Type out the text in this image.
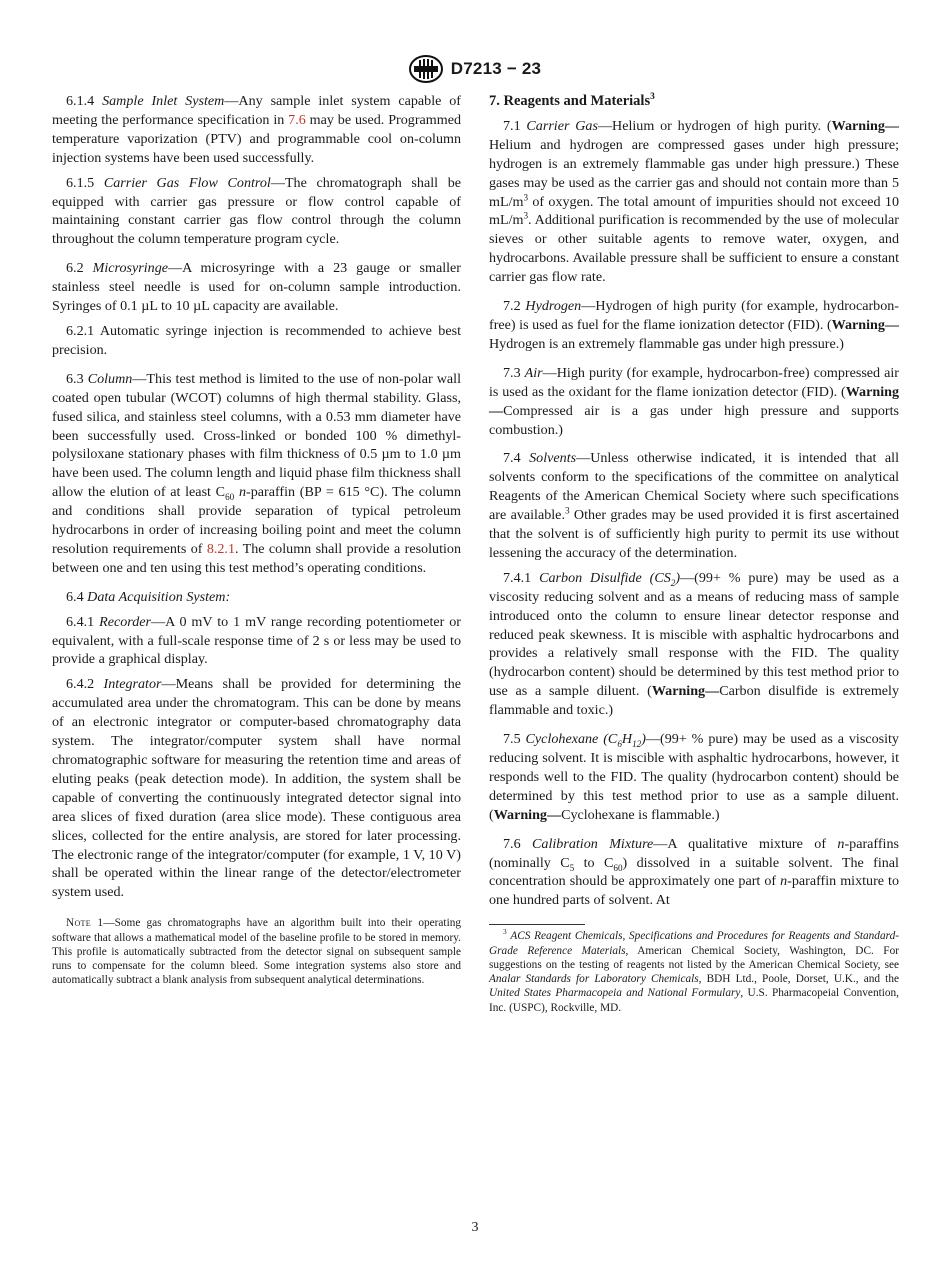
D7213 − 23

6.1.4 Sample Inlet System—Any sample inlet system capable of meeting the performance specification in 7.6 may be used. Programmed temperature vaporization (PTV) and programmable cool on-column injection systems have been used successfully.

6.1.5 Carrier Gas Flow Control—The chromatograph shall be equipped with carrier gas pressure or flow control capable of maintaining constant carrier gas flow control through the column throughout the column temperature program cycle.

6.2 Microsyringe—A microsyringe with a 23 gauge or smaller stainless steel needle is used for on-column sample introduction. Syringes of 0.1 µL to 10 µL capacity are available.

6.2.1 Automatic syringe injection is recommended to achieve best precision.

6.3 Column—This test method is limited to the use of non-polar wall coated open tubular (WCOT) columns of high thermal stability. Glass, fused silica, and stainless steel columns, with a 0.53 mm diameter have been successfully used. Cross-linked or bonded 100 % dimethyl-polysiloxane stationary phases with film thickness of 0.5 µm to 1.0 µm have been used. The column length and liquid phase film thickness shall allow the elution of at least $C_{60}$ n-paraffin (BP = 615 °C). The column and conditions shall provide separation of typical petroleum hydrocarbons in order of increasing boiling point and meet the column resolution requirements of 8.2.1. The column shall provide a resolution between one and ten using this test method’s operating conditions.

6.4 Data Acquisition System:

6.4.1 Recorder—A 0 mV to 1 mV range recording potentiometer or equivalent, with a full-scale response time of 2 s or less may be used to provide a graphical display.

6.4.2 Integrator—Means shall be provided for determining the accumulated area under the chromatogram. This can be done by means of an electronic integrator or computer-based chromatography data system. The integrator/computer system shall have normal chromatographic software for measuring the retention time and areas of eluting peaks (peak detection mode). In addition, the system shall be capable of converting the continuously integrated detector signal into area slices of fixed duration (area slice mode). These contiguous area slices, collected for the entire analysis, are stored for later processing. The electronic range of the integrator/computer (for example, 1 V, 10 V) shall be operated within the linear range of the detector/electrometer system used.

Note 1—Some gas chromatographs have an algorithm built into their operating software that allows a mathematical model of the baseline profile to be stored in memory. This profile is automatically subtracted from the detector signal on subsequent sample runs to compensate for the column bleed. Some integration systems also store and automatically subtract a blank analysis from subsequent analytical determinations.
7. Reagents and Materials$^3$

7.1 Carrier Gas—Helium or hydrogen of high purity. (Warning—Helium and hydrogen are compressed gases under high pressure; hydrogen is an extremely flammable gas under high pressure.) These gases may be used as the carrier gas and should not contain more than 5 $mL/m^3$ of oxygen. The total amount of impurities should not exceed 10 $mL/m^3$. Additional purification is recommended by the use of molecular sieves or other suitable agents to remove water, oxygen, and hydrocarbons. Available pressure shall be sufficient to ensure a constant carrier gas flow rate.

7.2 Hydrogen—Hydrogen of high purity (for example, hydrocarbon-free) is used as fuel for the flame ionization detector (FID). (Warning—Hydrogen is an extremely flammable gas under high pressure.)

7.3 Air—High purity (for example, hydrocarbon-free) compressed air is used as the oxidant for the flame ionization detector (FID). (Warning—Compressed air is a gas under high pressure and supports combustion.)

7.4 Solvents—Unless otherwise indicated, it is intended that all solvents conform to the specifications of the committee on analytical Reagents of the American Chemical Society where such specifications are available.$^3$ Other grades may be used provided it is first ascertained that the solvent is of sufficiently high purity to permit its use without lessening the accuracy of the determination.

7.4.1 Carbon Disulfide $(CS_2)—(99+$ % pure) may be used as a viscosity reducing solvent and as a means of reducing mass of sample introduced onto the column to ensure linear detector response and reduced peak skewness. It is miscible with asphaltic hydrocarbons and provides a relatively small response with the FID. The quality (hydrocarbon content) should be determined by this test method prior to use as a sample diluent. (Warning—Carbon disulfide is extremely flammable and toxic.)

7.5 Cyclohexane $(C_6H_{12})—(99+$ % pure) may be used as a viscosity reducing solvent. It is miscible with asphaltic hydrocarbons, however, it responds well to the FID. The quality (hydrocarbon content) should be determined by this test method prior to use as a sample diluent. (Warning—Cyclohexane is flammable.)

7.6 Calibration Mixture—A qualitative mixture of n-paraffins (nominally $C_5$ to $C_{60}$) dissolved in a suitable solvent. The final concentration should be approximately one part of n-paraffin mixture to one hundred parts of solvent. At

$^3$ ACS Reagent Chemicals, Specifications and Procedures for Reagents and Standard-Grade Reference Materials, American Chemical Society, Washington, DC. For suggestions on the testing of reagents not listed by the American Chemical Society, see Analar Standards for Laboratory Chemicals, BDH Ltd., Poole, Dorset, U.K., and the United States Pharmacopeia and National Formulary, U.S. Pharmacopeial Convention, Inc. (USPC), Rockville, MD.
3
